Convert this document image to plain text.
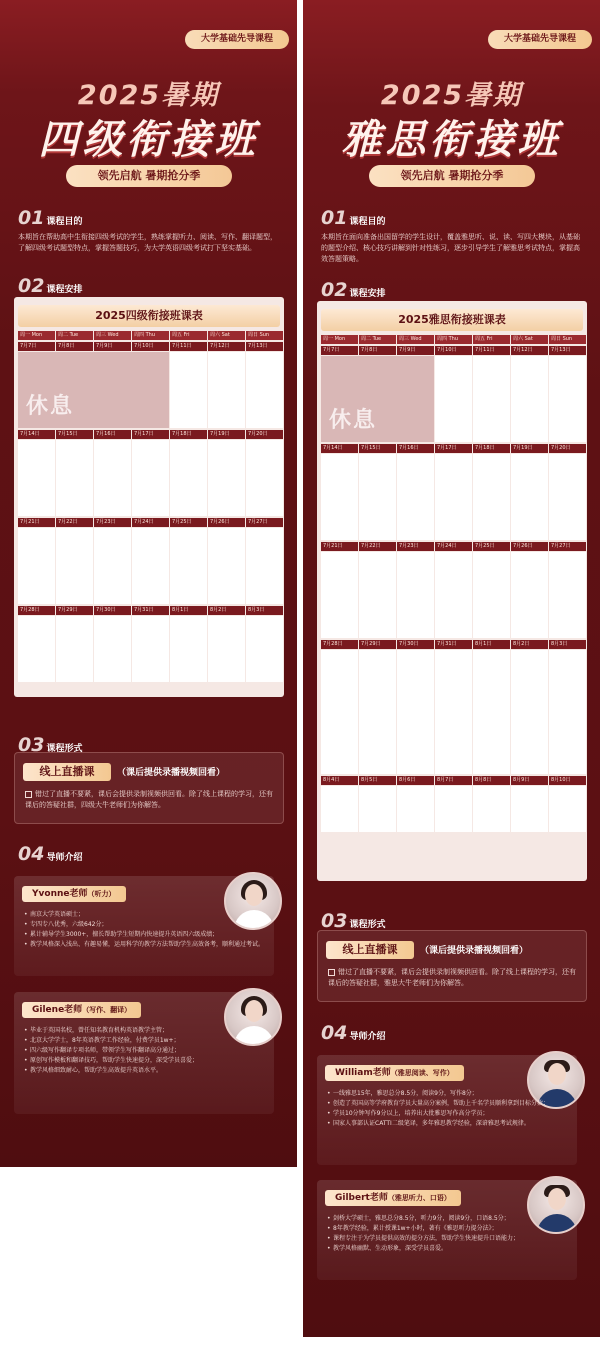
大学基础先导课程
2025暑期
四级衔接班
领先启航 暑期抢分季
01 课程目的
本期旨在帮助高中生衔接四级考试的学生，熟练掌握听力、阅读、写作、翻译题型，了解四级考试题型特点，掌握答题技巧，为大学英语四级考试打下坚实基础。
02 课程安排
2025四级衔接班课表
周一 Mon	周二 Tue	周三 Wed	周四 Thu	周五 Fri	周六 Sat	周日 Sun
7月7日	7月8日	7月9日	7月10日	7月11日	7月12日	7月13日
休息
7月14日	7月15日	7月16日	7月17日	7月18日	7月19日	7月20日
7月21日	7月22日	7月23日	7月24日	7月25日	7月26日	7月27日
7月28日	7月29日	7月30日	7月31日	8月1日	8月2日	8月3日
03 课程形式
线上直播课	（课后提供录播视频回看）
错过了直播不要紧，课后会提供录制视频供回看。除了线上课程的学习，还有课后的答疑社群，四级大牛老师们为你解答。
04 导师介绍
Yvonne老师（听力）
• 南京大学英语硕士；
• 专四专八优秀，六级642分；
• 累计辅导学生3000+，擅长帮助学生短期内快速提升英语四六级成绩；
• 教学风格深入浅出、有趣易懂，运用科学的教学方法帮助学生高效备考，顺利通过考试。
Gilene老师（写作、翻译）
• 毕业于英国名校，曾任知名教育机构英语教学主管；
• 北京大学学士，8年英语教学工作经验，付费学员1w+；
• 四六级写作翻译专项名师，带领学生写作翻译高分通过；
• 原创写作模板和翻译技巧，帮助学生快速提分，深受学员喜爱；
• 教学风格细致耐心，帮助学生高效提升英语水平。
大学基础先导课程
2025暑期
雅思衔接班
领先启航 暑期抢分季
01 课程目的
本期旨在面向准备出国留学的学生设计，覆盖雅思听、说、读、写四大模块，从基础的题型介绍、核心技巧讲解到针对性练习，逐步引导学生了解雅思考试特点，掌握高效答题策略。
02 课程安排
2025雅思衔接班课表
周一 Mon	周二 Tue	周三 Wed	周四 Thu	周五 Fri	周六 Sat	周日 Sun
7月7日	7月8日	7月9日	7月10日	7月11日	7月12日	7月13日
休息
7月14日	7月15日	7月16日	7月17日	7月18日	7月19日	7月20日
7月21日	7月22日	7月23日	7月24日	7月25日	7月26日	7月27日
7月28日	7月29日	7月30日	7月31日	8月1日	8月2日	8月3日
8月4日	8月5日	8月6日	8月7日	8月8日	8月9日	8月10日
03 课程形式
线上直播课	（课后提供录播视频回看）
错过了直播不要紧，课后会提供录制视频供回看。除了线上课程的学习，还有课后的答疑社群，雅思大牛老师们为你解答。
04 导师介绍
William老师（雅思阅读、写作）
• 一线雅思15年，雅思总分8.5分，阅读9分，写作8分；
• 创造了英国高等学府教育学员大量高分案例，帮助上千名学员顺利拿到目标分数；
• 学员10分钟写作9分以上，培养出大批雅思写作高分学员；
• 国家人事部认证CATTI二级笔译，多年雅思教学经验，深谙雅思考试规律。
Gilbert老师（雅思听力、口语）
• 剑桥大学硕士，雅思总分8.5分，听力9分，阅读9分，口语8.5分；
• 8年教学经验，累计授课1w+小时，著有《雅思听力提分法》；
• 课程专注于为学员提供高效的提分方法，帮助学生快速提升口语能力；
• 教学风格幽默、生动形象，深受学员喜爱。
